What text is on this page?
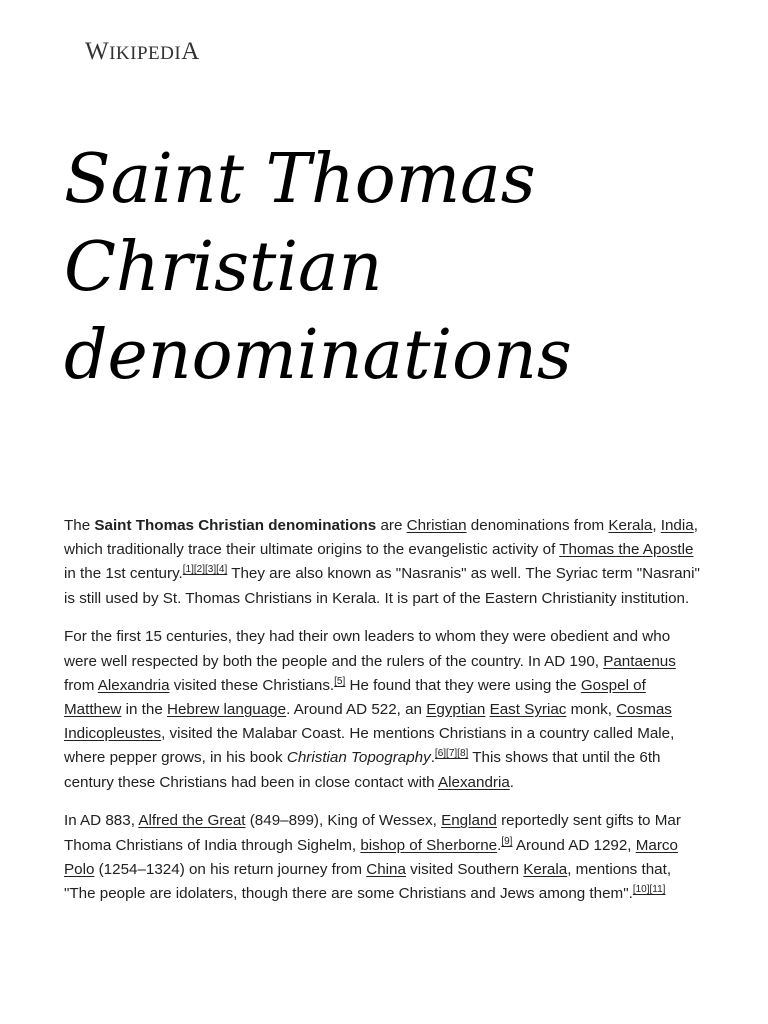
WIKIPEDIA
Saint Thomas
Christian
denominations

The Saint Thomas Christian denominations are Christian denominations from Kerala, India, which traditionally trace their ultimate origins to the evangelistic activity of Thomas the Apostle in the 1st century.[1][2][3][4] They are also known as "Nasranis" as well. The Syriac term "Nasrani" is still used by St. Thomas Christians in Kerala. It is part of the Eastern Christianity institution.

For the first 15 centuries, they had their own leaders to whom they were obedient and who were well respected by both the people and the rulers of the country. In AD 190, Pantaenus from Alexandria visited these Christians.[5] He found that they were using the Gospel of Matthew in the Hebrew language. Around AD 522, an Egyptian East Syriac monk, Cosmas Indicopleustes, visited the Malabar Coast. He mentions Christians in a country called Male, where pepper grows, in his book Christian Topography.[6][7][8] This shows that until the 6th century these Christians had been in close contact with Alexandria.

In AD 883, Alfred the Great (849–899), King of Wessex, England reportedly sent gifts to Mar Thoma Christians of India through Sighelm, bishop of Sherborne.[9] Around AD 1292, Marco Polo (1254–1324) on his return journey from China visited Southern Kerala, mentions that, "The people are idolaters, though there are some Christians and Jews among them".[10][11]
